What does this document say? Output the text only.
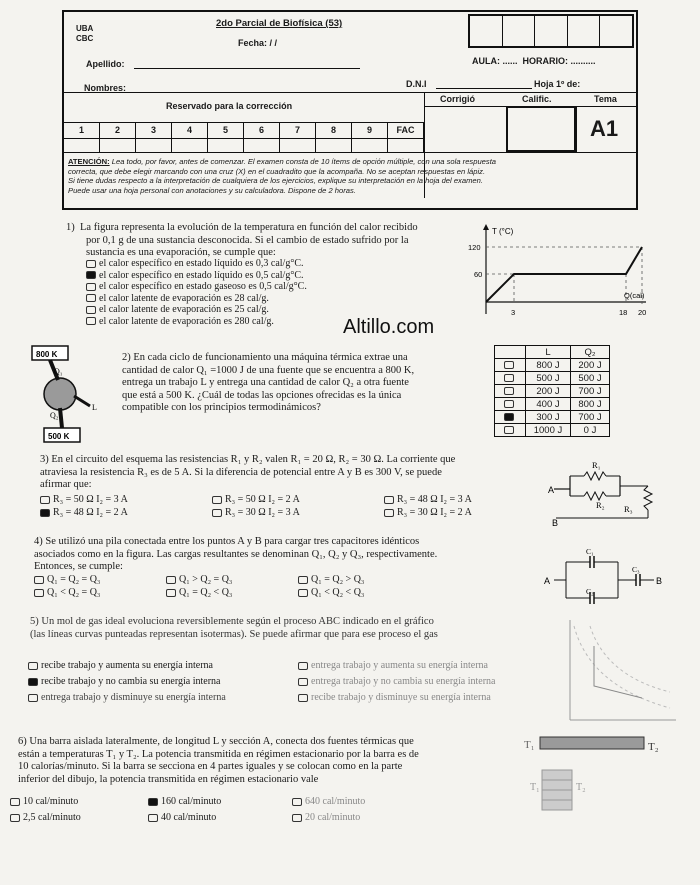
UBA
CBC
2do Parcial de Biofísica (53)
Fecha: / /
Apellido:	AULA: ...... HORARIO: ..........
Nombres:	D.N.I	Hoja 1º de:
Reservado para la corrección
Corrigió	Calific.	Tema
A1
1	2	3	4	5	6	7	8	9	FAC
ATENCIÓN: Lea todo, por favor, antes de comenzar. El examen consta de 10 ítems de opción múltiple, con una sola respuesta
correcta, que debe elegir marcando con una cruz (X) en el cuadradito que la acompaña. No se aceptan respuestas en lápiz.
Si tiene dudas respecto a la interpretación de cualquiera de los ejercicios, explique su interpretación en la hoja del examen.
Puede usar una hoja personal con anotaciones y su calculadora. Dispone de 2 horas.
1) La figura representa la evolución de la temperatura en función del calor recibido
por 0,1 g de una sustancia desconocida. Si el cambio de estado sufrido por la
sustancia es una evaporación, se cumple que:
el calor específico en estado líquido es 0,3 cal/g°C.
el calor específico en estado líquido es 0,5 cal/g°C.
el calor específico en estado gaseoso es 0,5 cal/g°C.
el calor latente de evaporación es 28 cal/g.
el calor latente de evaporación es 25 cal/g.
el calor latente de evaporación es 280 cal/g.
T (°C)
120
60
Q(cal)
3	18 20
Altillo.com
800 K
500 K
Q₁
Q₂
L
2) En cada ciclo de funcionamiento una máquina térmica extrae una
cantidad de calor Q₁ =1000 J de una fuente que se encuentra a 800 K,
entrega un trabajo L y entrega una cantidad de calor Q₂ a otra fuente
que está a 500 K. ¿Cuál de todas las opciones ofrecidas es la única
compatible con los principios termodinámicos?
	L	Q₂
	800 J	200 J
	500 J	500 J
	200 J	700 J
	400 J	800 J
	300 J	700 J
	1000 J	0 J
3) En el circuito del esquema las resistencias R₁ y R₂ valen R₁ = 20 Ω, R₂ = 30 Ω. La corriente que
atraviesa la resistencia R₃ es de 5 A. Si la diferencia de potencial entre A y B es 300 V, se puede
afirmar que:
R₃ = 50 Ω I₂ = 3 A	R₃ = 50 Ω I₂ = 2 A	R₃ = 48 Ω I₂ = 3 A
R₃ = 48 Ω I₂ = 2 A	R₃ = 30 Ω I₂ = 3 A	R₃ = 30 Ω I₂ = 2 A
A
B
R₁
R₂ R₃
4) Se utilizó una pila conectada entre los puntos A y B para cargar tres capacitores idénticos
asociados como en la figura. Las cargas resultantes se denominan Q₁, Q₂ y Q₃, respectivamente.
Entonces, se cumple:
Q₁ = Q₂ = Q₃	Q₁ > Q₂ = Q₃	Q₁ = Q₂ > Q₃
Q₁ < Q₂ = Q₃	Q₁ = Q₂ < Q₃	Q₁ < Q₂ < Q₃
A	B
C₁
C₂
C₃
5) Un mol de gas ideal evoluciona reversiblemente según el proceso ABC indicado en el gráfico
(las líneas curvas punteadas representan isotermas). Se puede afirmar que para ese proceso el gas
recibe trabajo y aumenta su energía interna	entrega trabajo y aumenta su energía interna
recibe trabajo y no cambia su energía interna	entrega trabajo y no cambia su energía interna
entrega trabajo y disminuye su energía interna	recibe trabajo y disminuye su energía interna
6) Una barra aislada lateralmente, de longitud L y sección A, conecta dos fuentes térmicas que
están a temperaturas T₁ y T₂. La potencia transmitida en régimen estacionario por la barra es de
10 calorías/minuto. Si la barra se secciona en 4 partes iguales y se colocan como en la parte
inferior del dibujo, la potencia transmitida en régimen estacionario vale
10 cal/minuto	160 cal/minuto	640 cal/minuto
2,5 cal/minuto	40 cal/minuto	20 cal/minuto
T₁	T₂
T₁	T₂
